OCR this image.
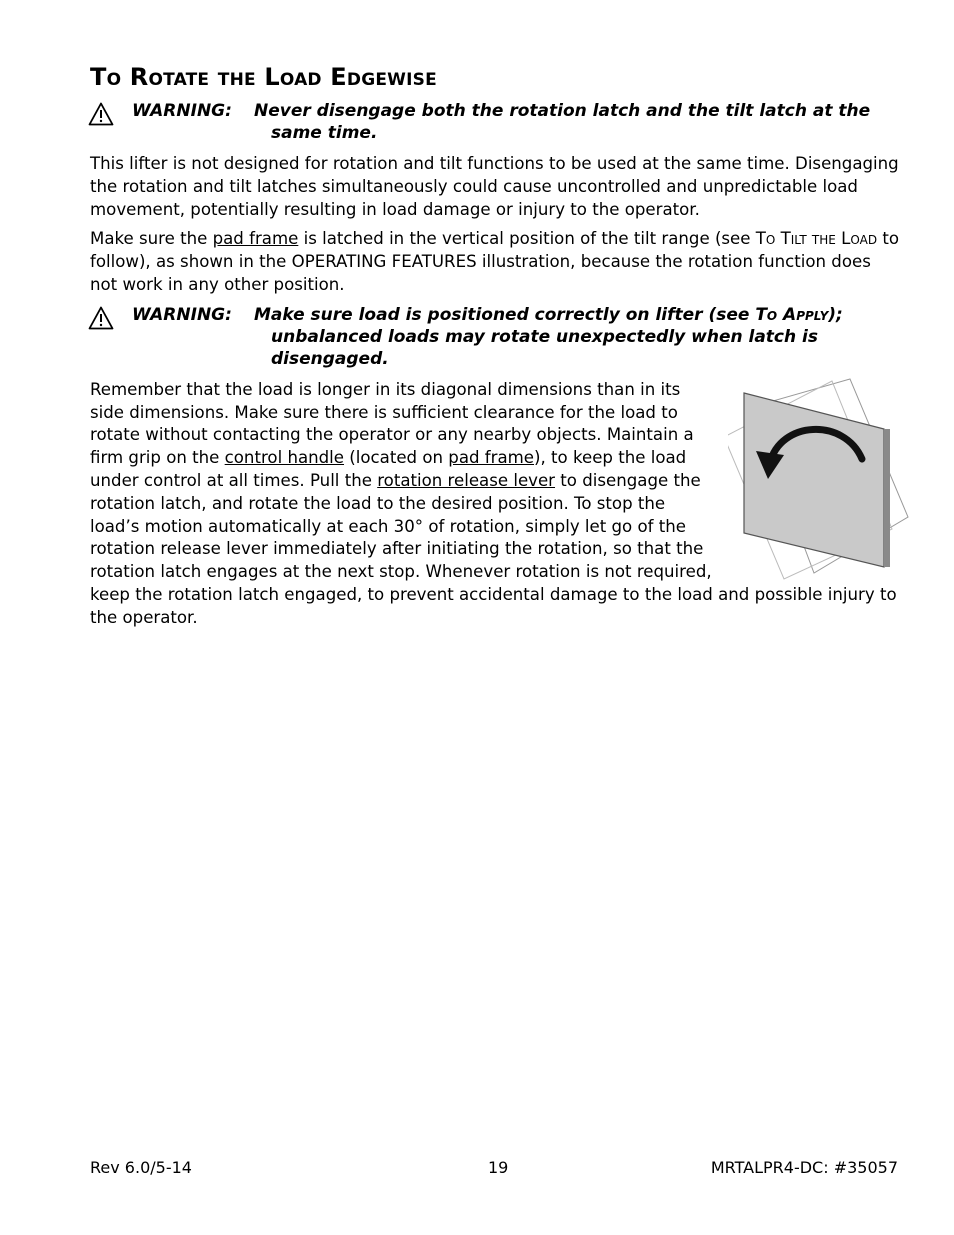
To Rotate the Load Edgewise
WARNING:	Never disengage both the rotation latch and the tilt latch at the same time.

This lifter is not designed for rotation and tilt functions to be used at the same time. Disengaging the rotation and tilt latches simultaneously could cause uncontrolled and unpredictable load movement, potentially resulting in load damage or injury to the operator.

Make sure the pad frame is latched in the vertical position of the tilt range (see To Tilt the Load to follow), as shown in the OPERATING FEATURES illustration, because the rotation function does not work in any other position.

WARNING:	Make sure load is positioned correctly on lifter (see To Apply); unbalanced loads may rotate unexpectedly when latch is disengaged.

Remember that the load is longer in its diagonal dimensions than in its side dimensions. Make sure there is sufficient clearance for the load to rotate without contacting the operator or any nearby objects. Maintain a firm grip on the control handle (located on pad frame), to keep the load under control at all times. Pull the rotation release lever to disengage the rotation latch, and rotate the load to the desired position. To stop the load’s motion automatically at each 30° of rotation, simply let go of the rotation release lever immediately after initiating the rotation, so that the rotation latch engages at the next stop. Whenever rotation is not required, keep the rotation latch engaged, to prevent accidental damage to the load and possible injury to the operator.

Rev 6.0/5-14	19	MRTALPR4-DC: #35057
